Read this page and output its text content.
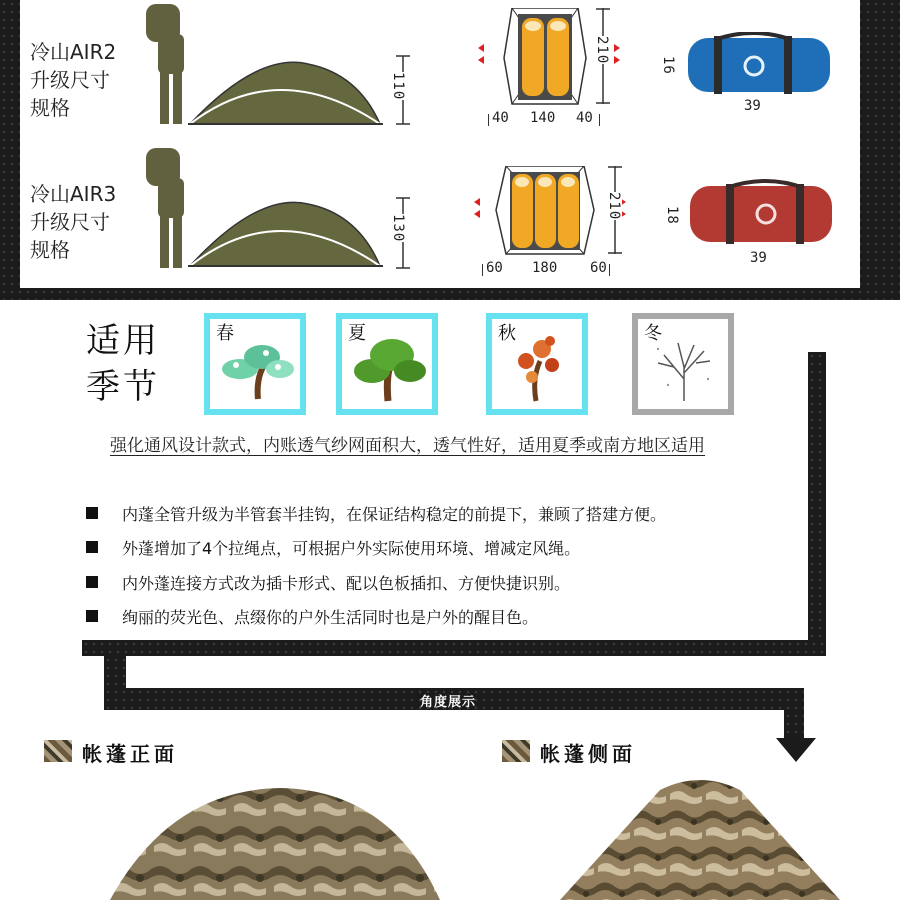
冷山AIR2
升级尺寸
规格
110
210
40 140 40
16
39
冷山AIR3
升级尺寸
规格
130
210
60 180 60
18
39
适用
季节
春	夏	秋	冬
强化通风设计款式，内账透气纱网面积大，透气性好，适用夏季或南方地区适用
内蓬全管升级为半管套半挂钩，在保证结构稳定的前提下，兼顾了搭建方便。
外蓬增加了4个拉绳点，可根据户外实际使用环境、增减定风绳。
内外蓬连接方式改为插卡形式、配以色板插扣、方便快捷识别。
绚丽的荧光色、点缀你的户外生活同时也是户外的醒目色。
角度展示
帐蓬正面	帐蓬侧面
